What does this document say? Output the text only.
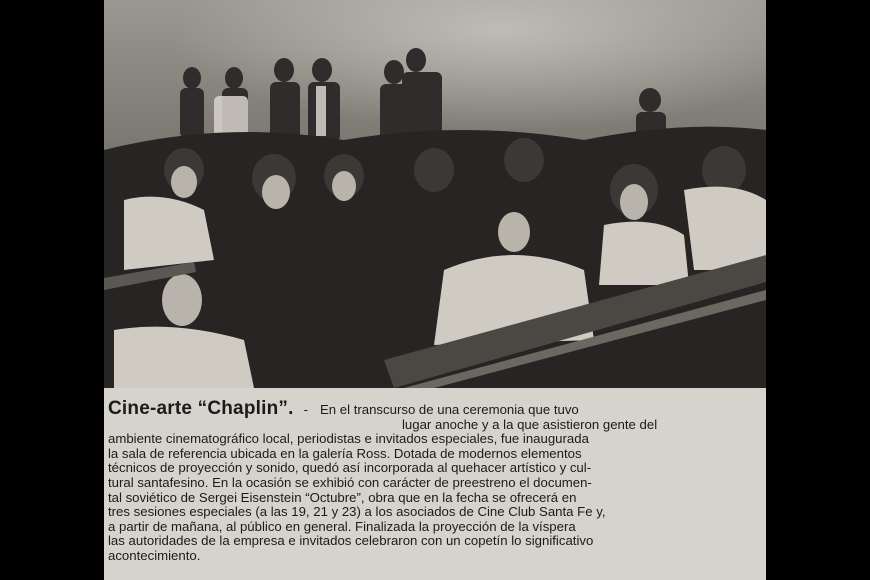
Cine-arte “Chaplin”. - En el transcurso de una ceremonia que tuvo
lugar anoche y a la que asistieron gente del
ambiente cinematográfico local, periodistas e invitados especiales, fue inaugurada
la sala de referencia ubicada en la galería Ross. Dotada de modernos elementos
técnicos de proyección y sonido, quedó así incorporada al quehacer artístico y cul-
tural santafesino. En la ocasión se exhibió con carácter de preestreno el documen-
tal soviético de Sergei Eisenstein “Octubre”, obra que en la fecha se ofrecerá en
tres sesiones especiales (a las 19, 21 y 23) a los asociados de Cine Club Santa Fe y,
a partir de mañana, al público en general. Finalizada la proyección de la víspera
las autoridades de la empresa e invitados celebraron con un copetín lo significativo
acontecimiento.
